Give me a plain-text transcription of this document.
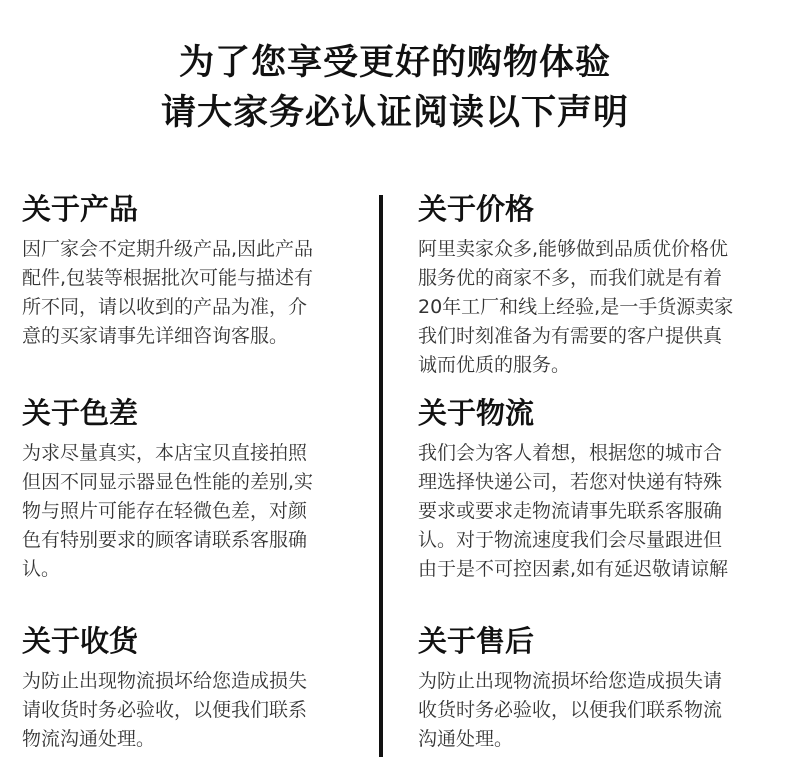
为了您享受更好的购物体验
请大家务必认证阅读以下声明
关于产品
因厂家会不定期升级产品,因此产品
配件,包装等根据批次可能与描述有
所不同，请以收到的产品为准，介
意的买家请事先详细咨询客服。
关于价格
阿里卖家众多,能够做到品质优价格优
服务优的商家不多，而我们就是有着
20年工厂和线上经验,是一手货源卖家
我们时刻准备为有需要的客户提供真
诚而优质的服务。
关于色差
为求尽量真实，本店宝贝直接拍照
但因不同显示器显色性能的差别,实
物与照片可能存在轻微色差，对颜
色有特别要求的顾客请联系客服确
认。
关于物流
我们会为客人着想，根据您的城市合
理选择快递公司，若您对快递有特殊
要求或要求走物流请事先联系客服确
认。对于物流速度我们会尽量跟进但
由于是不可控因素,如有延迟敬请谅解
关于收货
为防止出现物流损坏给您造成损失
请收货时务必验收，以便我们联系
物流沟通处理。
关于售后
为防止出现物流损坏给您造成损失请
收货时务必验收，以便我们联系物流
沟通处理。
